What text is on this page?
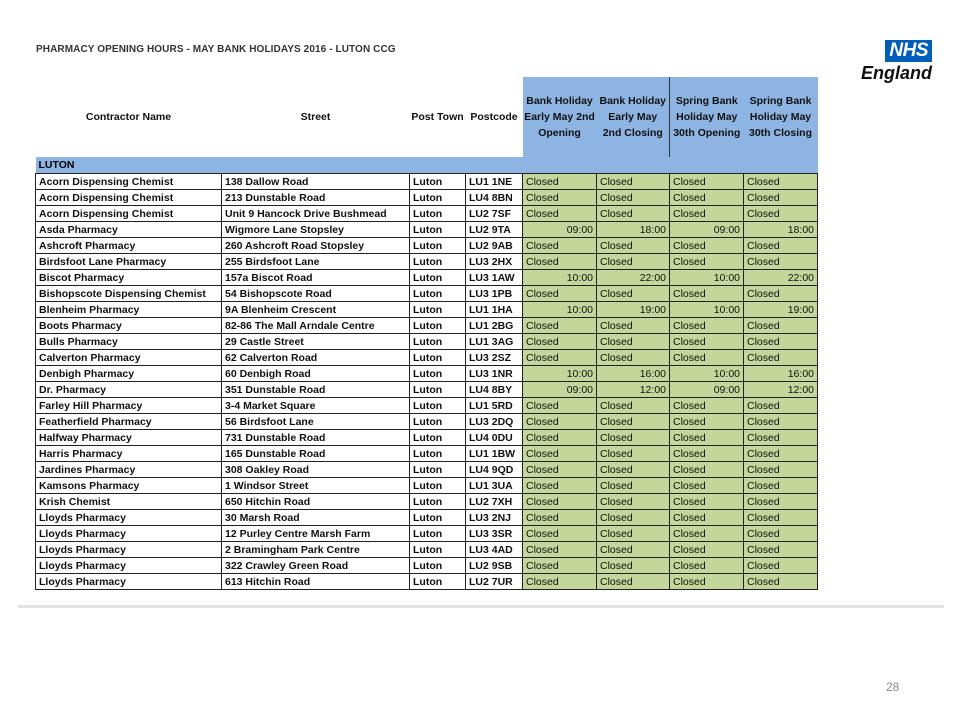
PHARMACY OPENING HOURS - MAY BANK HOLIDAYS 2016 - LUTON CCG	NHS
England
Contractor Name	Street	Post Town	Postcode	Bank Holiday Early May 2nd Opening	Bank Holiday Early May 2nd Closing	Spring Bank Holiday May 30th Opening	Spring Bank Holiday May 30th Closing
LUTON							
Acorn Dispensing Chemist	138 Dallow Road	Luton	LU1 1NE	Closed	Closed	Closed	Closed
Acorn Dispensing Chemist	213 Dunstable Road	Luton	LU4 8BN	Closed	Closed	Closed	Closed
Acorn Dispensing Chemist	Unit 9 Hancock Drive Bushmead	Luton	LU2 7SF	Closed	Closed	Closed	Closed
Asda Pharmacy	Wigmore Lane Stopsley	Luton	LU2 9TA	09:00	18:00	09:00	18:00
Ashcroft Pharmacy	260 Ashcroft Road Stopsley	Luton	LU2 9AB	Closed	Closed	Closed	Closed
Birdsfoot Lane Pharmacy	255 Birdsfoot Lane	Luton	LU3 2HX	Closed	Closed	Closed	Closed
Biscot Pharmacy	157a Biscot Road	Luton	LU3 1AW	10:00	22:00	10:00	22:00
Bishopscote Dispensing Chemist	54 Bishopscote Road	Luton	LU3 1PB	Closed	Closed	Closed	Closed
Blenheim Pharmacy	9A Blenheim Crescent	Luton	LU1 1HA	10:00	19:00	10:00	19:00
Boots Pharmacy	82-86 The Mall Arndale Centre	Luton	LU1 2BG	Closed	Closed	Closed	Closed
Bulls Pharmacy	29 Castle Street	Luton	LU1 3AG	Closed	Closed	Closed	Closed
Calverton Pharmacy	62 Calverton Road	Luton	LU3 2SZ	Closed	Closed	Closed	Closed
Denbigh Pharmacy	60 Denbigh Road	Luton	LU3 1NR	10:00	16:00	10:00	16:00
Dr. Pharmacy	351 Dunstable Road	Luton	LU4 8BY	09:00	12:00	09:00	12:00
Farley Hill Pharmacy	3-4 Market Square	Luton	LU1 5RD	Closed	Closed	Closed	Closed
Featherfield Pharmacy	56 Birdsfoot Lane	Luton	LU3 2DQ	Closed	Closed	Closed	Closed
Halfway Pharmacy	731 Dunstable Road	Luton	LU4 0DU	Closed	Closed	Closed	Closed
Harris Pharmacy	165 Dunstable Road	Luton	LU1 1BW	Closed	Closed	Closed	Closed
Jardines Pharmacy	308 Oakley Road	Luton	LU4 9QD	Closed	Closed	Closed	Closed
Kamsons Pharmacy	1 Windsor Street	Luton	LU1 3UA	Closed	Closed	Closed	Closed
Krish Chemist	650 Hitchin Road	Luton	LU2 7XH	Closed	Closed	Closed	Closed
Lloyds Pharmacy	30 Marsh Road	Luton	LU3 2NJ	Closed	Closed	Closed	Closed
Lloyds Pharmacy	12 Purley Centre Marsh Farm	Luton	LU3 3SR	Closed	Closed	Closed	Closed
Lloyds Pharmacy	2 Bramingham Park Centre	Luton	LU3 4AD	Closed	Closed	Closed	Closed
Lloyds Pharmacy	322 Crawley Green Road	Luton	LU2 9SB	Closed	Closed	Closed	Closed
Lloyds Pharmacy	613 Hitchin Road	Luton	LU2 7UR	Closed	Closed	Closed	Closed
28
